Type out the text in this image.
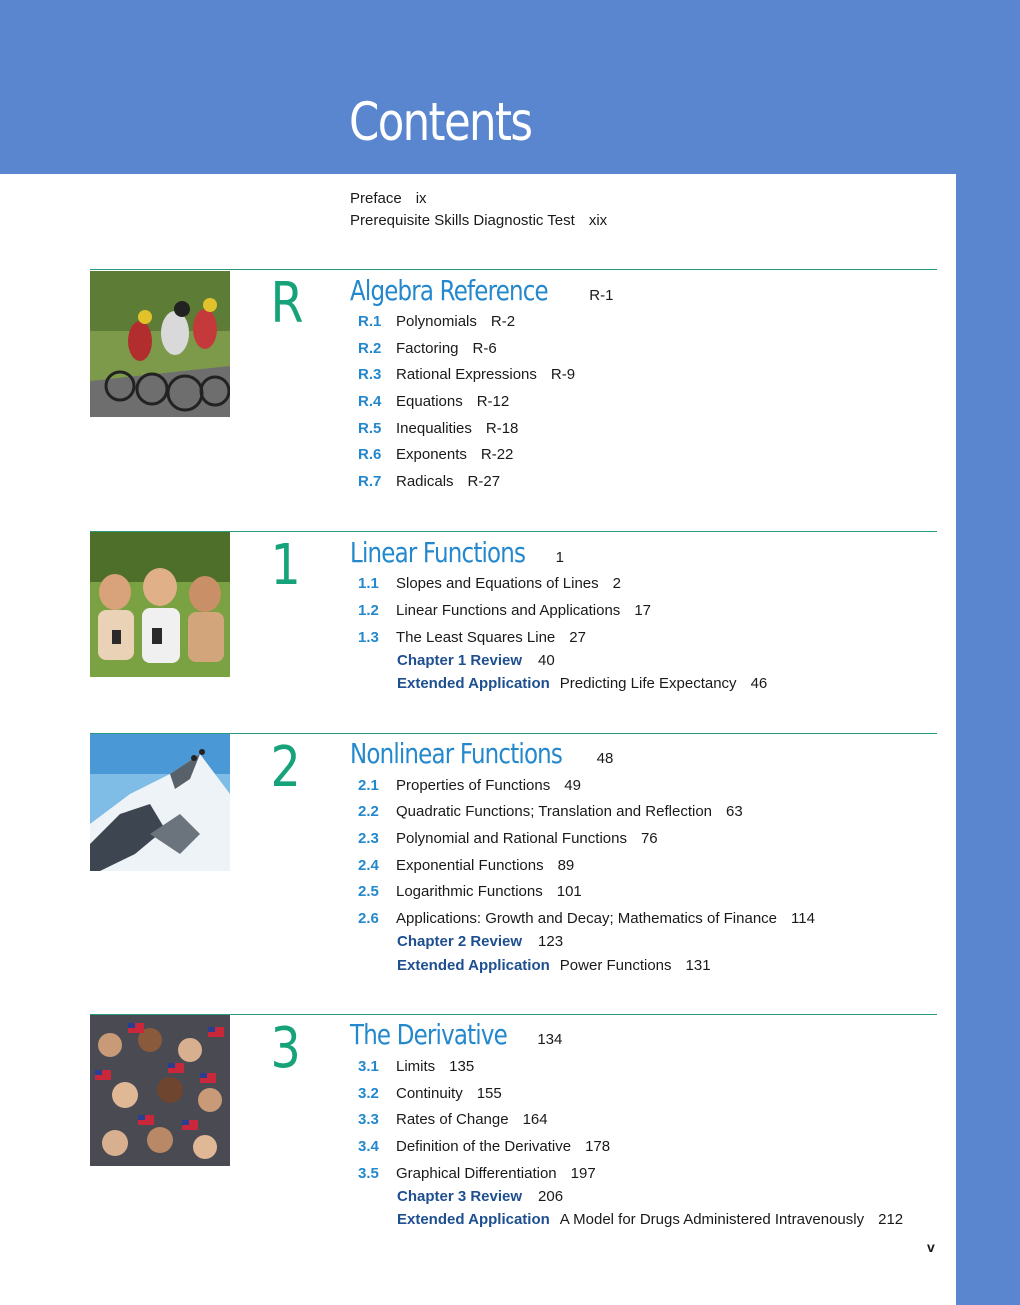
Contents
Preface ix
Prerequisite Skills Diagnostic Test xix
R Algebra Reference	R-1
R.1 Polynomials R-2
R.2 Factoring R-6
R.3 Rational Expressions R-9
R.4 Equations R-12
R.5 Inequalities R-18
R.6 Exponents R-22
R.7 Radicals R-27
1 Linear Functions 1
1.1 Slopes and Equations of Lines 2
1.2 Linear Functions and Applications 17
1.3 The Least Squares Line 27
Chapter 1 Review 40
Extended Application Predicting Life Expectancy 46
2 Nonlinear Functions 48
2.1 Properties of Functions 49
2.2 Quadratic Functions; Translation and Reflection 63
2.3 Polynomial and Rational Functions 76
2.4 Exponential Functions 89
2.5 Logarithmic Functions 101
2.6 Applications: Growth and Decay; Mathematics of Finance 114
Chapter 2 Review 123
Extended Application Power Functions 131
3 The Derivative 134
3.1 Limits 135
3.2 Continuity 155
3.3 Rates of Change 164
3.4 Definition of the Derivative 178
3.5 Graphical Differentiation 197
Chapter 3 Review 206
Extended Application A Model for Drugs Administered Intravenously 212
v
